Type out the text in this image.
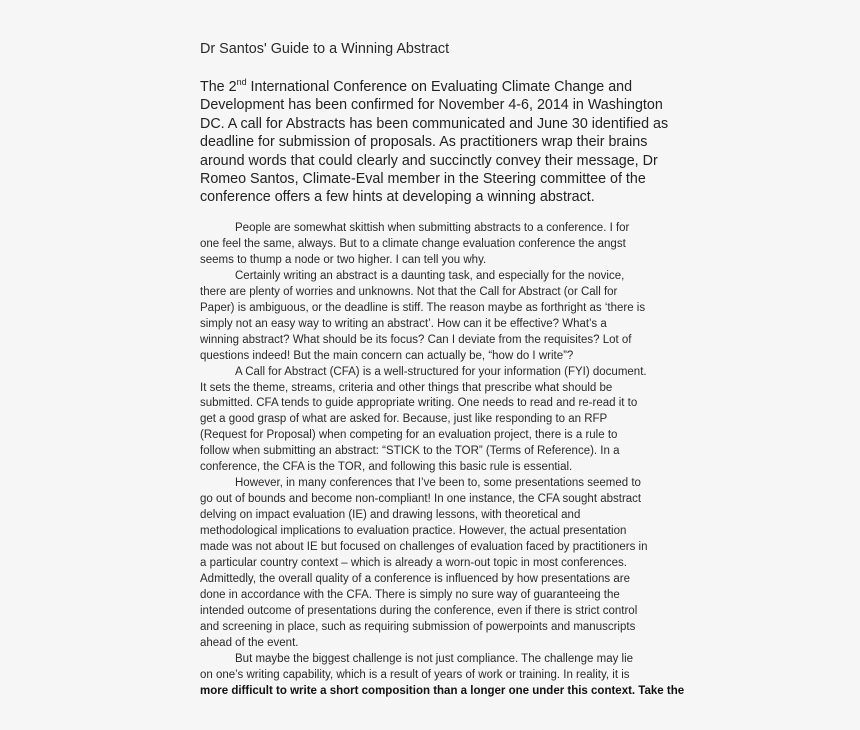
Dr Santos' Guide to a Winning Abstract
The 2nd International Conference on Evaluating Climate Change and
Development has been confirmed for November 4-6, 2014 in Washington
DC. A call for Abstracts has been communicated and June 30 identified as
deadline for submission of proposals. As practitioners wrap their brains
around words that could clearly and succinctly convey their message, Dr
Romeo Santos, Climate-Eval member in the Steering committee of the
conference offers a few hints at developing a winning abstract.
People are somewhat skittish when submitting abstracts to a conference. I for
one feel the same, always. But to a climate change evaluation conference the angst
seems to thump a node or two higher. I can tell you why.
Certainly writing an abstract is a daunting task, and especially for the novice,
there are plenty of worries and unknowns. Not that the Call for Abstract (or Call for
Paper) is ambiguous, or the deadline is stiff. The reason maybe as forthright as ‘there is
simply not an easy way to writing an abstract’. How can it be effective? What’s a
winning abstract? What should be its focus? Can I deviate from the requisites? Lot of
questions indeed! But the main concern can actually be, “how do I write”?
A Call for Abstract (CFA) is a well-structured for your information (FYI) document.
It sets the theme, streams, criteria and other things that prescribe what should be
submitted. CFA tends to guide appropriate writing. One needs to read and re-read it to
get a good grasp of what are asked for. Because, just like responding to an RFP
(Request for Proposal) when competing for an evaluation project, there is a rule to
follow when submitting an abstract: “STICK to the TOR” (Terms of Reference). In a
conference, the CFA is the TOR, and following this basic rule is essential.
However, in many conferences that I’ve been to, some presentations seemed to
go out of bounds and become non-compliant! In one instance, the CFA sought abstract
delving on impact evaluation (IE) and drawing lessons, with theoretical and
methodological implications to evaluation practice. However, the actual presentation
made was not about IE but focused on challenges of evaluation faced by practitioners in
a particular country context – which is already a worn-out topic in most conferences.
Admittedly, the overall quality of a conference is influenced by how presentations are
done in accordance with the CFA. There is simply no sure way of guaranteeing the
intended outcome of presentations during the conference, even if there is strict control
and screening in place, such as requiring submission of powerpoints and manuscripts
ahead of the event.
But maybe the biggest challenge is not just compliance. The challenge may lie
on one’s writing capability, which is a result of years of work or training. In reality, it is
more difficult to write a short composition than a longer one under this context. Take the
